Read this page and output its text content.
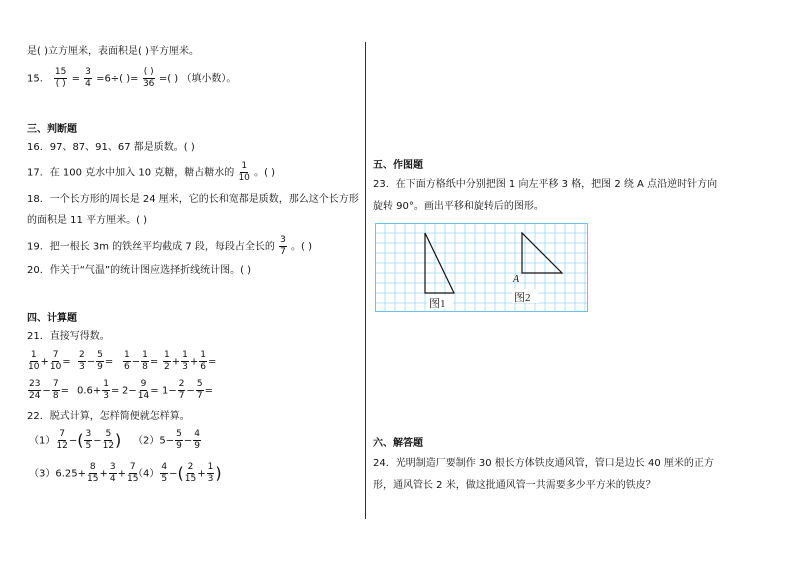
是( )立方厘米，表面积是( )平方厘米。
15． $\frac{15}{( )} = \frac{3}{4} =6\div$( )= $\frac{( )}{36}$ =( ) （填小数）。
三、判断题
16．97、87、91、67 都是质数。( )
17．在 100 克水中加入 10 克糖，糖占糖水的 $\frac{1}{10}$ 。( )
18．一个长方形的周长是 24 厘米，它的长和宽都是质数，那么这个长方形
的面积是 11 平方厘米。( )
19．把一根长 3m 的铁丝平均截成 7 段，每段占全长的 $\frac{3}{7}$ 。( )
20．作关于“气温”的统计图应选择折线统计图。( )
四、计算题
21．直接写得数。
$\frac{1}{10} + \frac{7}{10} = \frac{2}{3} - \frac{5}{9} = \frac{1}{6} - \frac{1}{8} = \frac{1}{2} + \frac{1}{3} + \frac{1}{6}$ =
$\frac{23}{24} - \frac{7}{8} = 0.6+ \frac{1}{3} = 2- \frac{9}{14} = 1- \frac{2}{7} - \frac{5}{7}$ =
22．脱式计算，怎样简便就怎样算。
$(1) \frac{7}{12}$ −( $\frac{3}{5} - \frac{5}{12}$ ) $(2)5- \frac{5}{9} - \frac{4}{9}$
$(3)6.25+ \frac{8}{15} + \frac{3}{4} + \frac{7}{15}$
$(4) \frac{4}{5}$ −( $\frac{2}{15} + \frac{1}{3}$ )
五、作图题
23．在下面方格纸中分别把图 1 向左平移 3 格，把图 2 绕 A 点沿逆时针方向
旋转 90°。画出平移和旋转后的图形。
图1	图2
A
六、解答题
24．光明制造厂要制作 30 根长方体铁皮通风管，管口是边长 40 厘米的正方
形，通风管长 2 米，做这批通风管一共需要多少平方米的铁皮？
